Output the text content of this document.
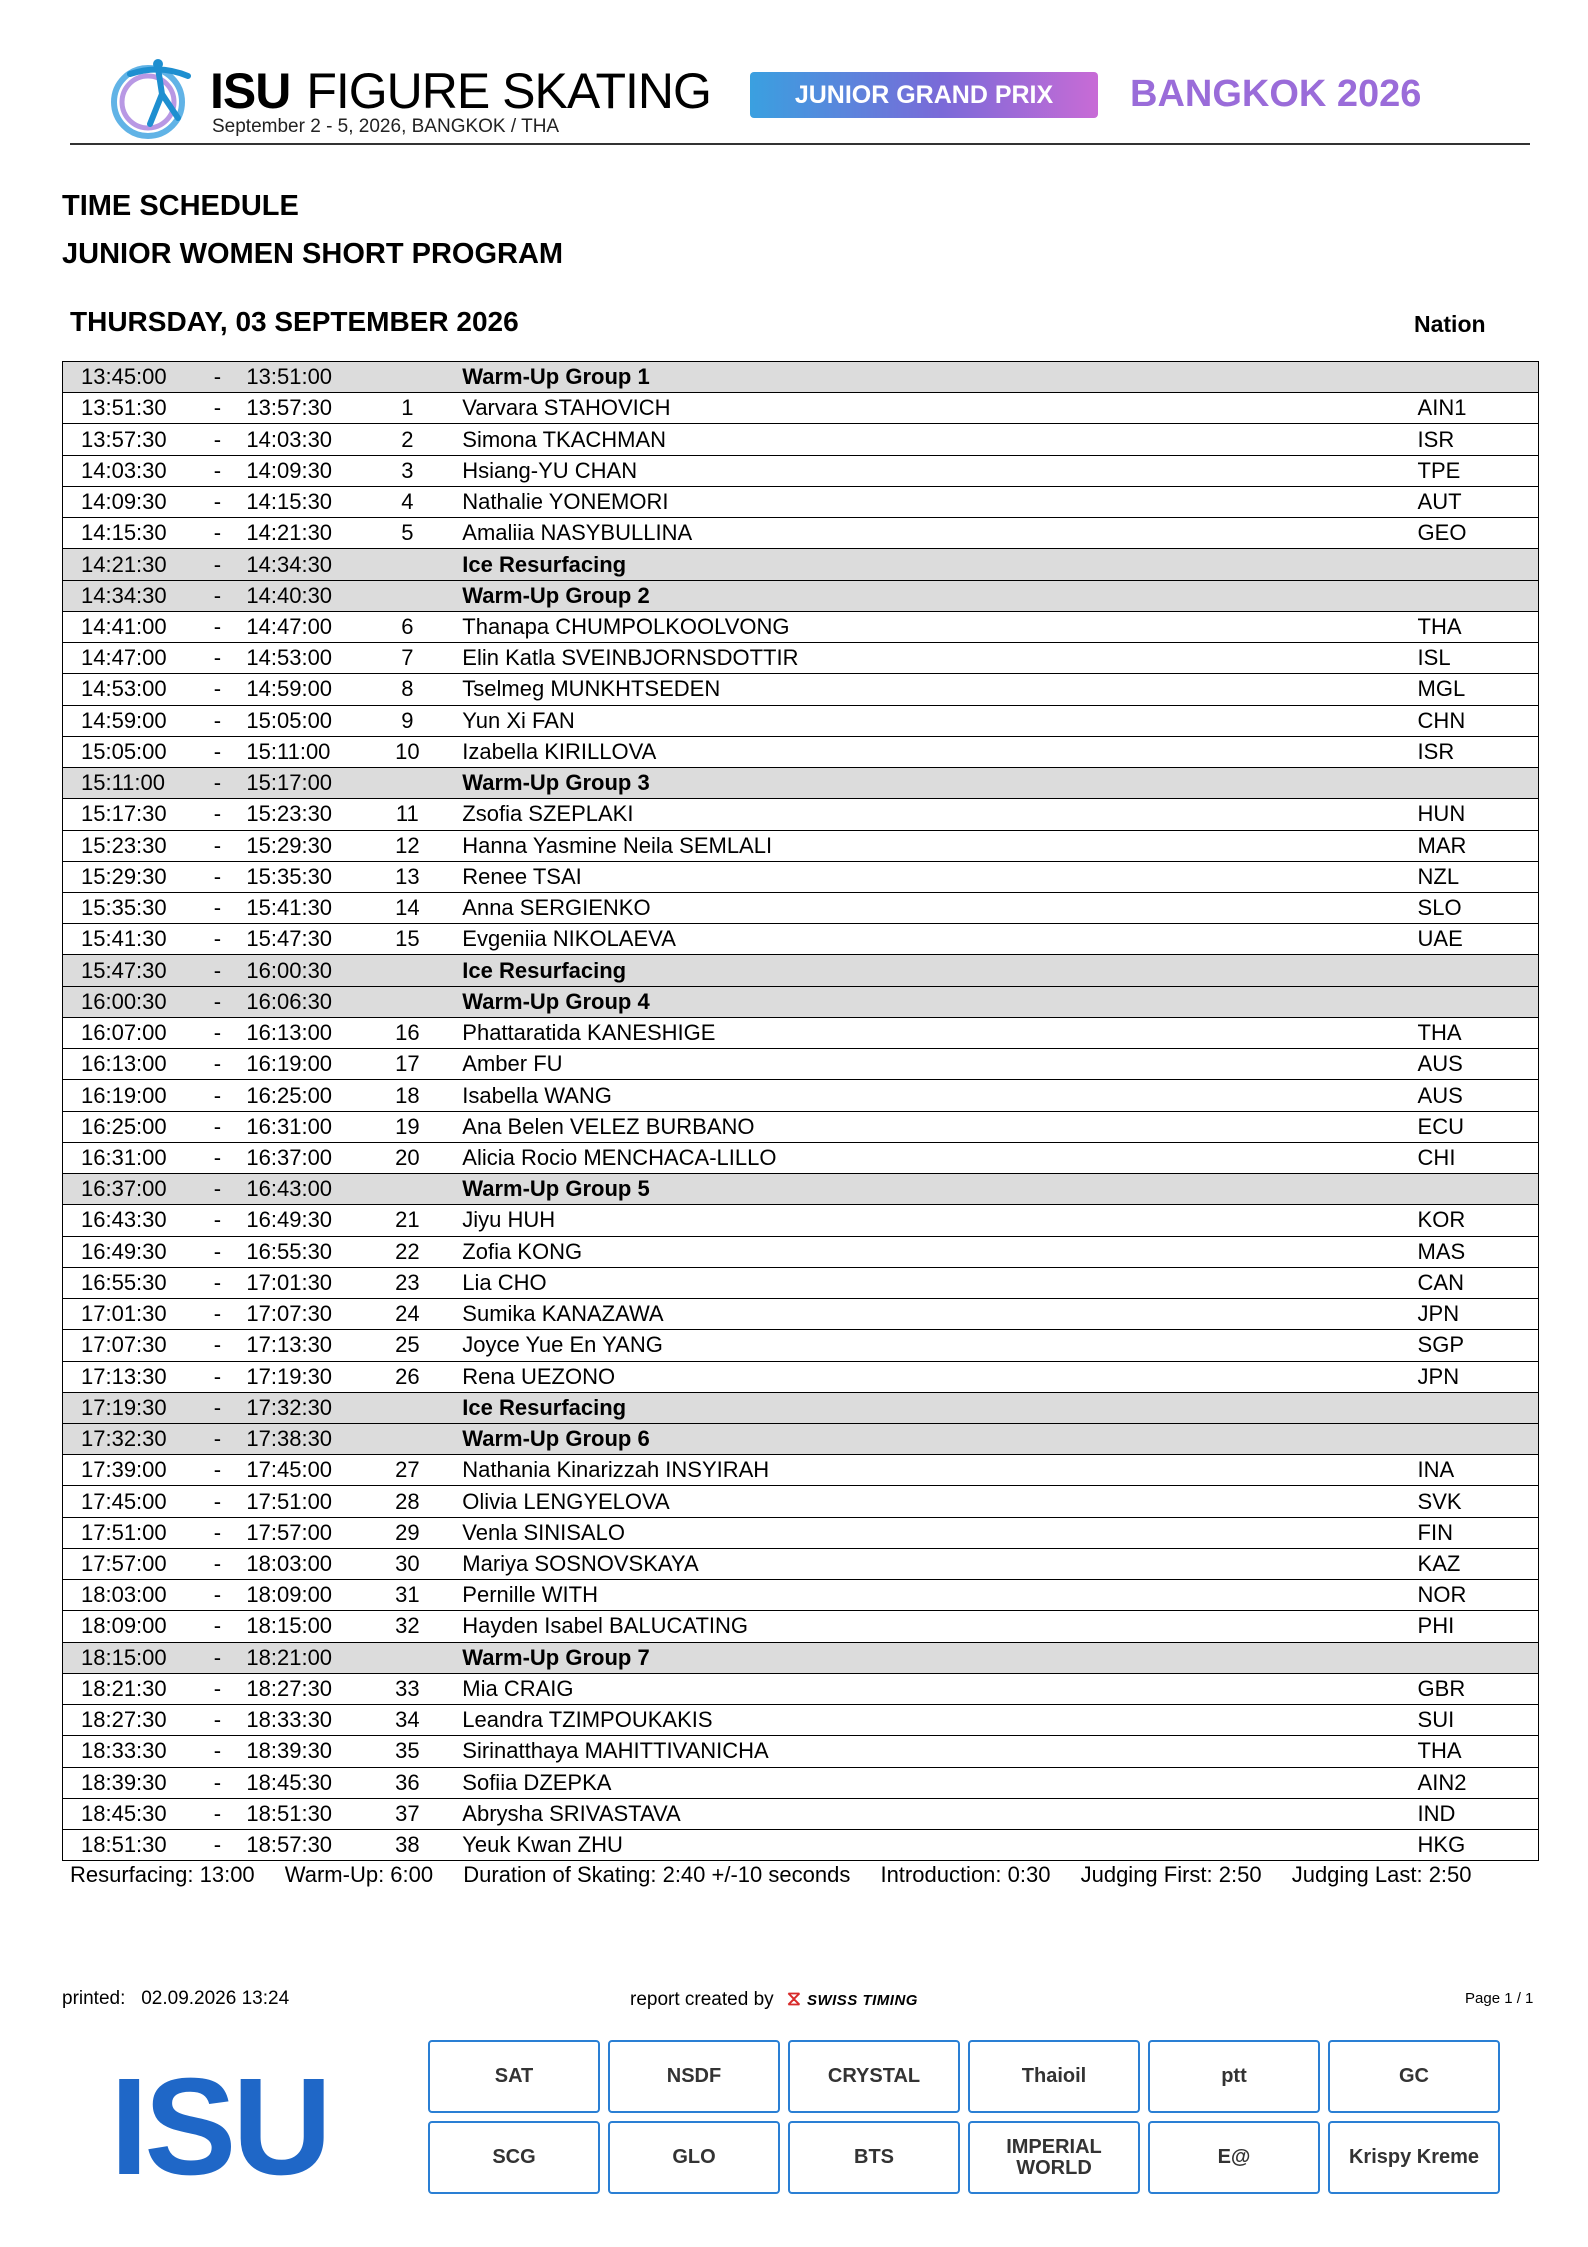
ISU FIGURE SKATING
September 2 - 5, 2026, BANGKOK / THA
JUNIOR GRAND PRIX	BANGKOK 2026
TIME SCHEDULE
JUNIOR WOMEN SHORT PROGRAM
THURSDAY, 03 SEPTEMBER 2026	Nation
13:45:00	-	13:51:00		Warm-Up Group 1	
13:51:30	-	13:57:30	1	Varvara STAHOVICH	AIN1
13:57:30	-	14:03:30	2	Simona TKACHMAN	ISR
14:03:30	-	14:09:30	3	Hsiang-YU CHAN	TPE
14:09:30	-	14:15:30	4	Nathalie YONEMORI	AUT
14:15:30	-	14:21:30	5	Amaliia NASYBULLINA	GEO
14:21:30	-	14:34:30		Ice Resurfacing	
14:34:30	-	14:40:30		Warm-Up Group 2	
14:41:00	-	14:47:00	6	Thanapa CHUMPOLKOOLVONG	THA
14:47:00	-	14:53:00	7	Elin Katla SVEINBJORNSDOTTIR	ISL
14:53:00	-	14:59:00	8	Tselmeg MUNKHTSEDEN	MGL
14:59:00	-	15:05:00	9	Yun Xi FAN	CHN
15:05:00	-	15:11:00	10	Izabella KIRILLOVA	ISR
15:11:00	-	15:17:00		Warm-Up Group 3	
15:17:30	-	15:23:30	11	Zsofia SZEPLAKI	HUN
15:23:30	-	15:29:30	12	Hanna Yasmine Neila SEMLALI	MAR
15:29:30	-	15:35:30	13	Renee TSAI	NZL
15:35:30	-	15:41:30	14	Anna SERGIENKO	SLO
15:41:30	-	15:47:30	15	Evgeniia NIKOLAEVA	UAE
15:47:30	-	16:00:30		Ice Resurfacing	
16:00:30	-	16:06:30		Warm-Up Group 4	
16:07:00	-	16:13:00	16	Phattaratida KANESHIGE	THA
16:13:00	-	16:19:00	17	Amber FU	AUS
16:19:00	-	16:25:00	18	Isabella WANG	AUS
16:25:00	-	16:31:00	19	Ana Belen VELEZ BURBANO	ECU
16:31:00	-	16:37:00	20	Alicia Rocio MENCHACA-LILLO	CHI
16:37:00	-	16:43:00		Warm-Up Group 5	
16:43:30	-	16:49:30	21	Jiyu HUH	KOR
16:49:30	-	16:55:30	22	Zofia KONG	MAS
16:55:30	-	17:01:30	23	Lia CHO	CAN
17:01:30	-	17:07:30	24	Sumika KANAZAWA	JPN
17:07:30	-	17:13:30	25	Joyce Yue En YANG	SGP
17:13:30	-	17:19:30	26	Rena UEZONO	JPN
17:19:30	-	17:32:30		Ice Resurfacing	
17:32:30	-	17:38:30		Warm-Up Group 6	
17:39:00	-	17:45:00	27	Nathania Kinarizzah INSYIRAH	INA
17:45:00	-	17:51:00	28	Olivia LENGYELOVA	SVK
17:51:00	-	17:57:00	29	Venla SINISALO	FIN
17:57:00	-	18:03:00	30	Mariya SOSNOVSKAYA	KAZ
18:03:00	-	18:09:00	31	Pernille WITH	NOR
18:09:00	-	18:15:00	32	Hayden Isabel BALUCATING	PHI
18:15:00	-	18:21:00		Warm-Up Group 7	
18:21:30	-	18:27:30	33	Mia CRAIG	GBR
18:27:30	-	18:33:30	34	Leandra TZIMPOUKAKIS	SUI
18:33:30	-	18:39:30	35	Sirinatthaya MAHITTIVANICHA	THA
18:39:30	-	18:45:30	36	Sofiia DZEPKA	AIN2
18:45:30	-	18:51:30	37	Abrysha SRIVASTAVA	IND
18:51:30	-	18:57:30	38	Yeuk Kwan ZHU	HKG
Resurfacing: 13:00 Warm-Up: 6:00 Duration of Skating: 2:40 +/-10 seconds Introduction: 0:30 Judging First: 2:50 Judging Last: 2:50
printed: 02.09.2026 13:24	report created by ⧖ SWISS TIMING	Page 1 / 1
ISU	SAT	NSDF	CRYSTAL	Thaioil	ptt	GC
SCG	GLO	BTS	IMPERIAL WORLD	E@	Krispy Kreme
